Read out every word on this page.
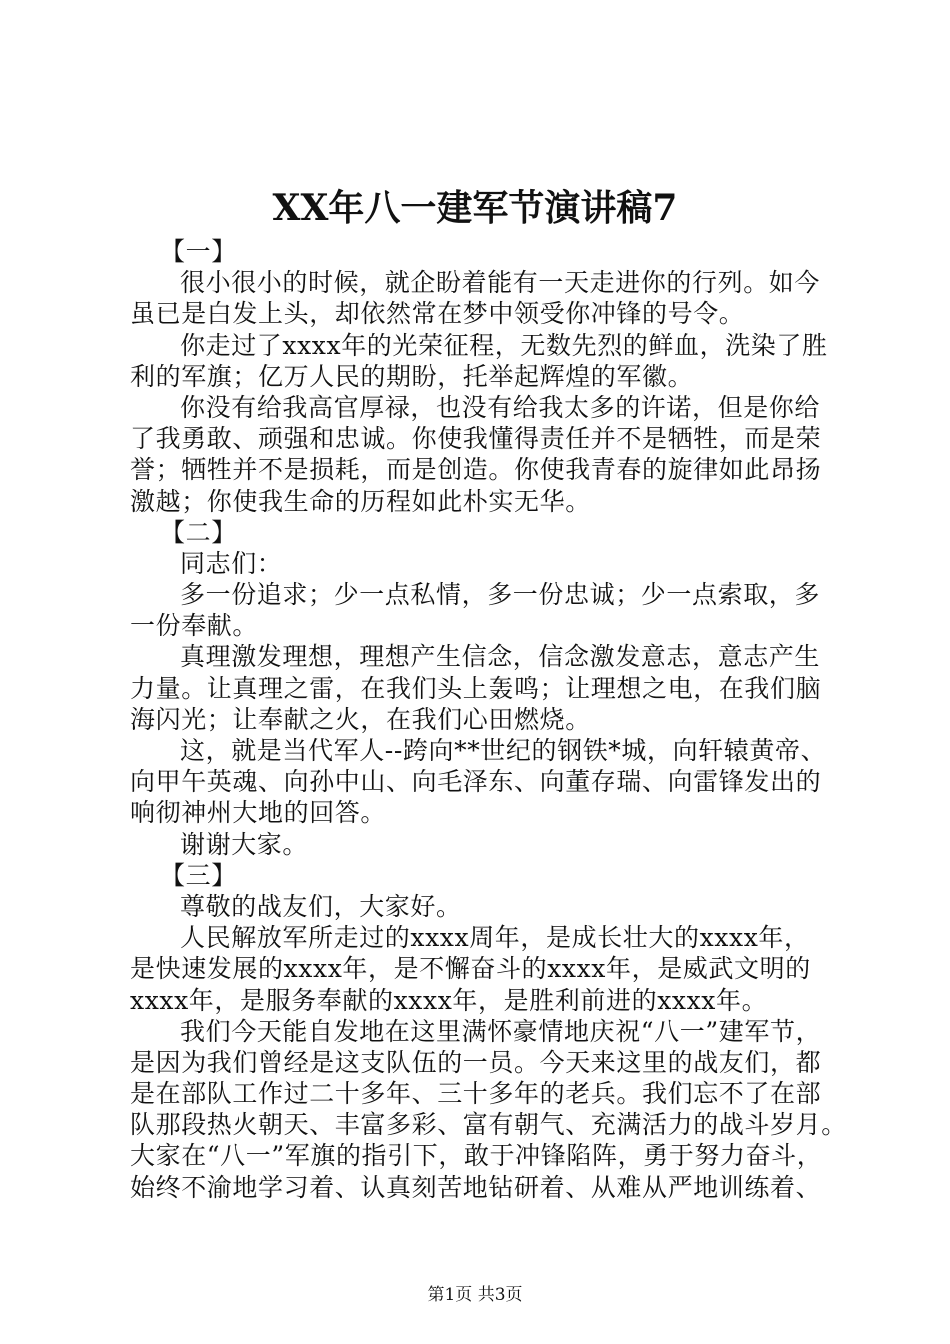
XX年八一建军节演讲稿7
【一】
很小很小的时候，就企盼着能有一天走进你的行列。如今
虽已是白发上头，却依然常在梦中领受你冲锋的号令。
你走过了xxxx年的光荣征程，无数先烈的鲜血，洗染了胜
利的军旗；亿万人民的期盼，托举起辉煌的军徽。
你没有给我高官厚禄，也没有给我太多的许诺，但是你给
了我勇敢、顽强和忠诚。你使我懂得责任并不是牺牲，而是荣
誉；牺牲并不是损耗，而是创造。你使我青春的旋律如此昂扬
激越；你使我生命的历程如此朴实无华。
【二】
同志们：
多一份追求；少一点私情，多一份忠诚；少一点索取，多
一份奉献。
真理激发理想，理想产生信念，信念激发意志，意志产生
力量。让真理之雷，在我们头上轰鸣；让理想之电，在我们脑
海闪光；让奉献之火，在我们心田燃烧。
这，就是当代军人--跨向**世纪的钢铁*城，向轩辕黄帝、
向甲午英魂、向孙中山、向毛泽东、向董存瑞、向雷锋发出的
响彻神州大地的回答。
谢谢大家。
【三】
尊敬的战友们，大家好。
人民解放军所走过的xxxx周年，是成长壮大的xxxx年，
是快速发展的xxxx年，是不懈奋斗的xxxx年，是威武文明的
xxxx年，是服务奉献的xxxx年，是胜利前进的xxxx年。
我们今天能自发地在这里满怀豪情地庆祝“八一”建军节，
是因为我们曾经是这支队伍的一员。今天来这里的战友们，都
是在部队工作过二十多年、三十多年的老兵。我们忘不了在部
队那段热火朝天、丰富多彩、富有朝气、充满活力的战斗岁月。
大家在“八一”军旗的指引下，敢于冲锋陷阵，勇于努力奋斗，
始终不渝地学习着、认真刻苦地钻研着、从难从严地训练着、
第1页 共3页
